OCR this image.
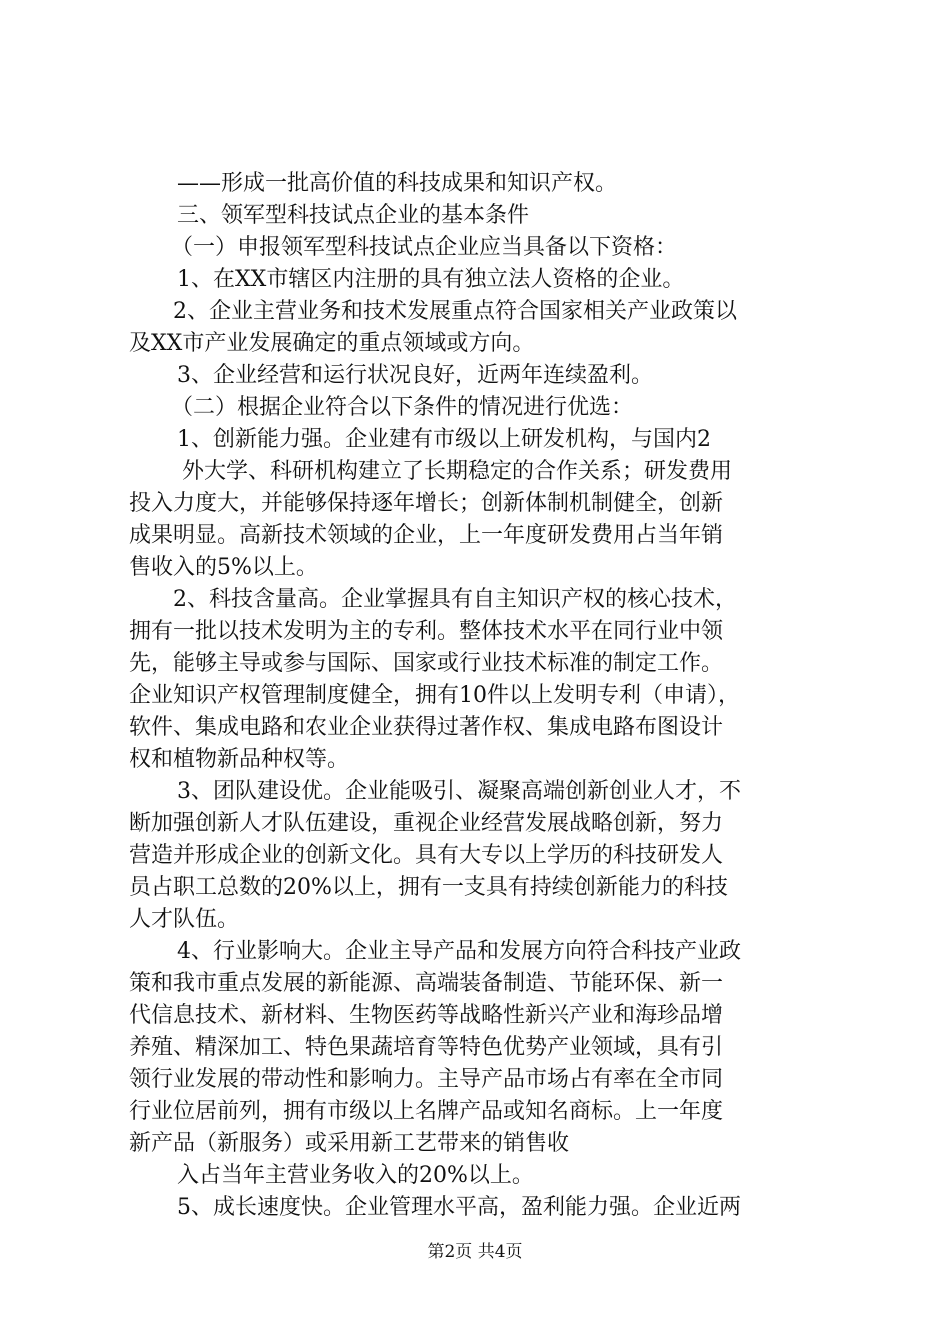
——形成一批高价值的科技成果和知识产权。
三、领军型科技试点企业的基本条件
（一）申报领军型科技试点企业应当具备以下资格：
1、在XX市辖区内注册的具有独立法人资格的企业。
2、企业主营业务和技术发展重点符合国家相关产业政策以
及XX市产业发展确定的重点领域或方向。
3、企业经营和运行状况良好，近两年连续盈利。
（二）根据企业符合以下条件的情况进行优选：
1、创新能力强。企业建有市级以上研发机构，与国内2
外大学、科研机构建立了长期稳定的合作关系；研发费用
投入力度大，并能够保持逐年增长；创新体制机制健全，创新
成果明显。高新技术领域的企业，上一年度研发费用占当年销
售收入的5%以上。
2、科技含量高。企业掌握具有自主知识产权的核心技术，
拥有一批以技术发明为主的专利。整体技术水平在同行业中领
先，能够主导或参与国际、国家或行业技术标准的制定工作。
企业知识产权管理制度健全，拥有10件以上发明专利（申请），
软件、集成电路和农业企业获得过著作权、集成电路布图设计
权和植物新品种权等。
3、团队建设优。企业能吸引、凝聚高端创新创业人才，不
断加强创新人才队伍建设，重视企业经营发展战略创新，努力
营造并形成企业的创新文化。具有大专以上学历的科技研发人
员占职工总数的20%以上，拥有一支具有持续创新能力的科技
人才队伍。
4、行业影响大。企业主导产品和发展方向符合科技产业政
策和我市重点发展的新能源、高端装备制造、节能环保、新一
代信息技术、新材料、生物医药等战略性新兴产业和海珍品增
养殖、精深加工、特色果蔬培育等特色优势产业领域，具有引
领行业发展的带动性和影响力。主导产品市场占有率在全市同
行业位居前列，拥有市级以上名牌产品或知名商标。上一年度
新产品（新服务）或采用新工艺带来的销售收
入占当年主营业务收入的20%以上。
5、成长速度快。企业管理水平高，盈利能力强。企业近两
第2页 共4页
